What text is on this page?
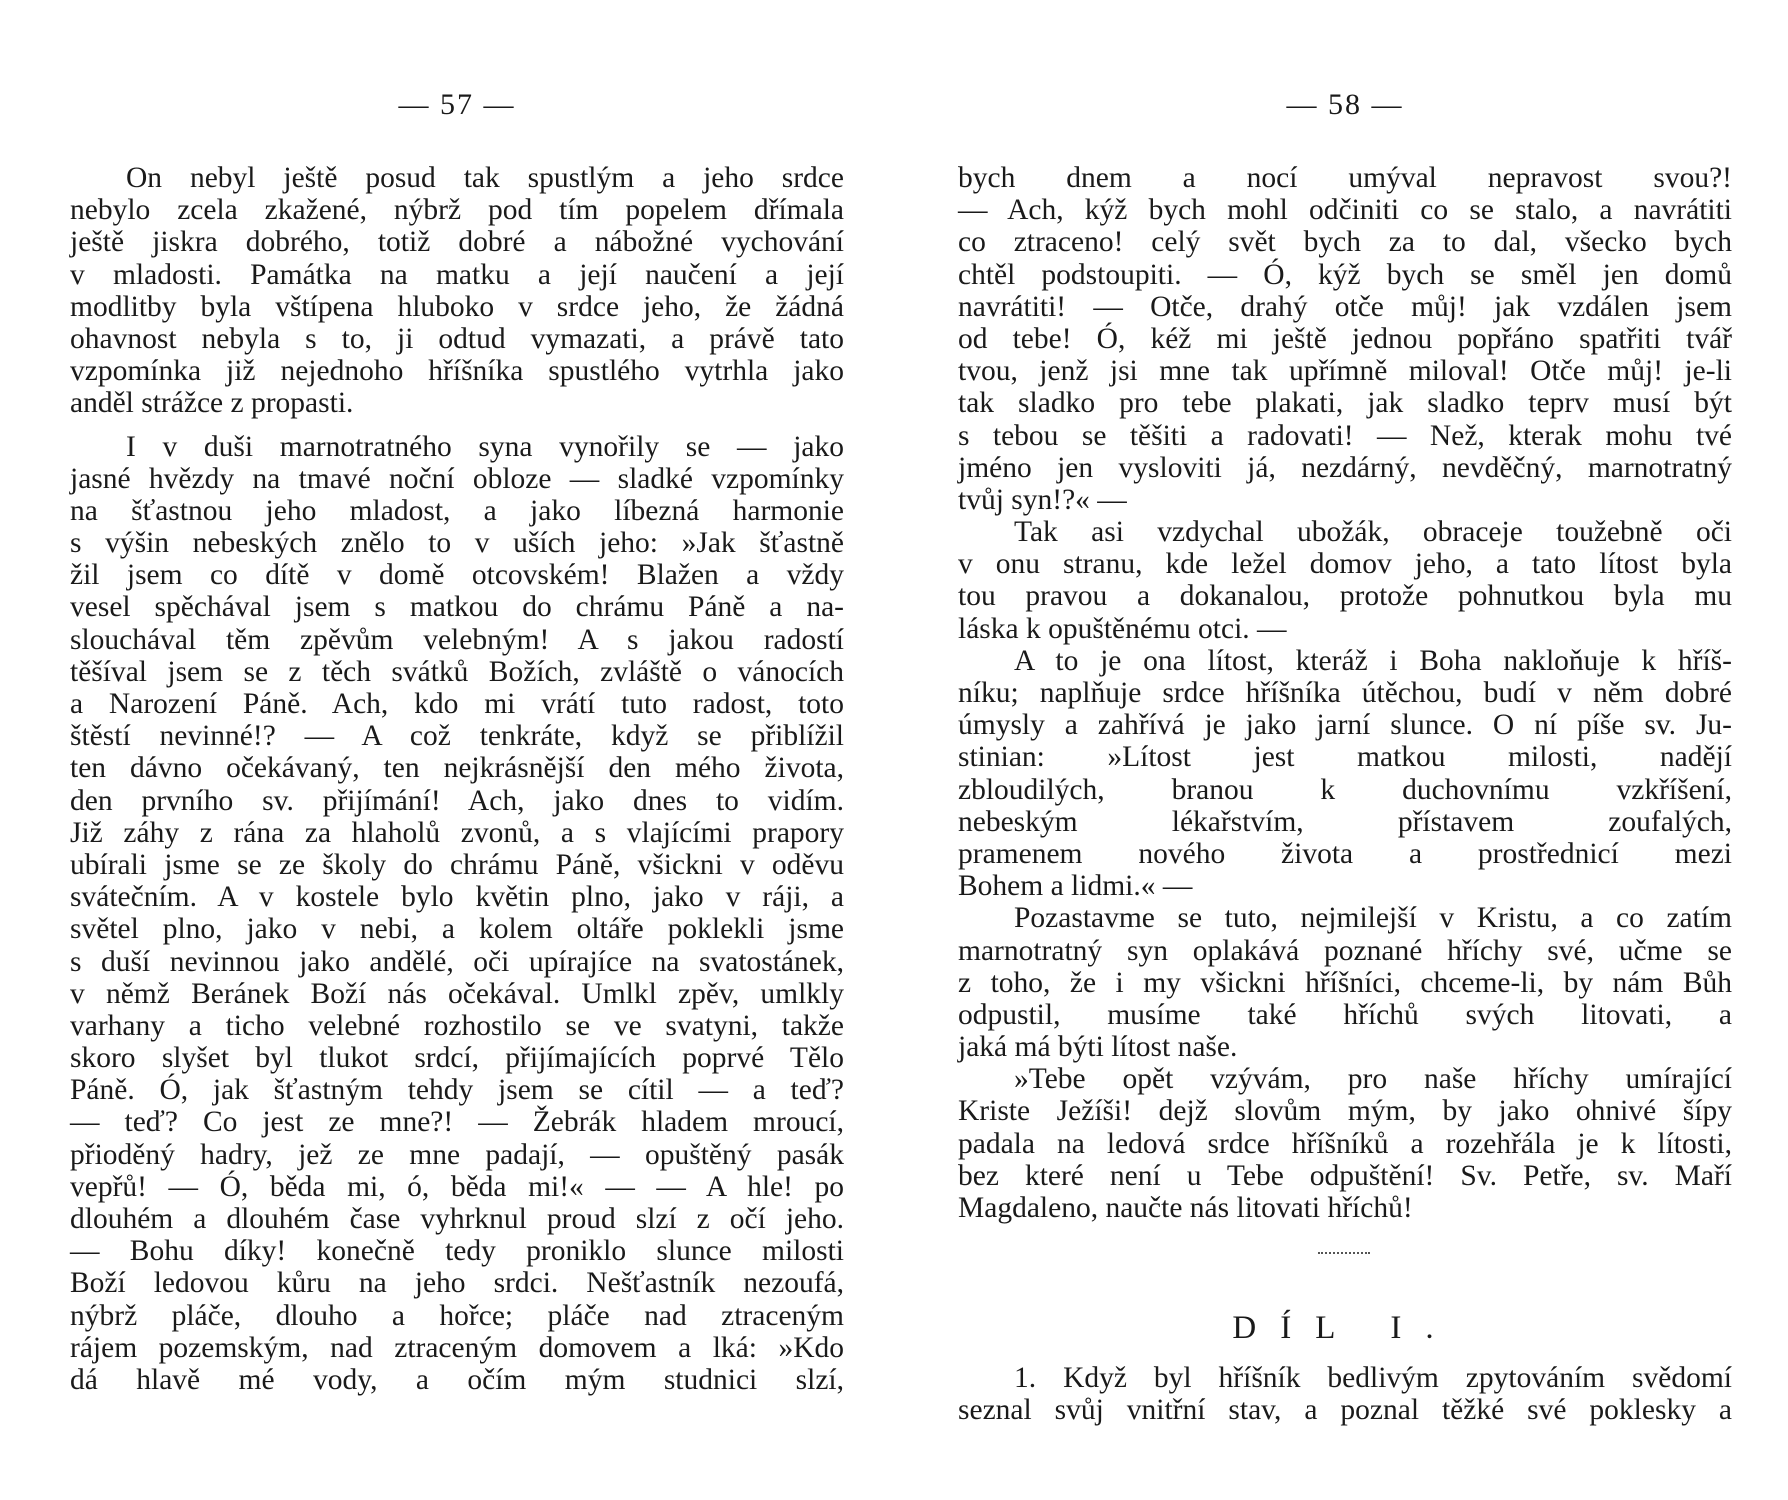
— 57 —
On nebyl ještě posud tak spustlým a jeho srdce
nebylo zcela zkažené, nýbrž pod tím popelem dřímala
ještě jiskra dobrého, totiž dobré a nábožné vychování
v mladosti. Památka na matku a její naučení a její
modlitby byla vštípena hluboko v srdce jeho, že žádná
ohavnost nebyla s to, ji odtud vymazati, a právě tato
vzpomínka již nejednoho hříšníka spustlého vytrhla jako
anděl strážce z propasti.
I v duši marnotratného syna vynořily se — jako
jasné hvězdy na tmavé noční obloze — sladké vzpomínky
na šťastnou jeho mladost, a jako líbezná harmonie
s výšin nebeských znělo to v uších jeho: »Jak šťastně
žil jsem co dítě v domě otcovském! Blažen a vždy
vesel spěchával jsem s matkou do chrámu Páně a na-
slouchával těm zpěvům velebným! A s jakou radostí
těšíval jsem se z těch svátků Božích, zvláště o vánocích
a Narození Páně. Ach, kdo mi vrátí tuto radost, toto
štěstí nevinné!? — A což tenkráte, když se přiblížil
ten dávno očekávaný, ten nejkrásnější den mého života,
den prvního sv. přijímání! Ach, jako dnes to vidím.
Již záhy z rána za hlaholů zvonů, a s vlajícími prapory
ubírali jsme se ze školy do chrámu Páně, všickni v oděvu
svátečním. A v kostele bylo květin plno, jako v ráji, a
světel plno, jako v nebi, a kolem oltáře poklekli jsme
s duší nevinnou jako andělé, oči upírajíce na svatostánek,
v němž Beránek Boží nás očekával. Umlkl zpěv, umlkly
varhany a ticho velebné rozhostilo se ve svatyni, takže
skoro slyšet byl tlukot srdcí, přijímajících poprvé Tělo
Páně. Ó, jak šťastným tehdy jsem se cítil — a teď?
— teď? Co jest ze mne?! — Žebrák hladem mroucí,
přioděný hadry, jež ze mne padají, — opuštěný pasák
vepřů! — Ó, běda mi, ó, běda mi!« — — A hle! po
dlouhém a dlouhém čase vyhrknul proud slzí z očí jeho.
— Bohu díky! konečně tedy proniklo slunce milosti
Boží ledovou kůru na jeho srdci. Nešťastník nezoufá,
nýbrž pláče, dlouho a hořce; pláče nad ztraceným
rájem pozemským, nad ztraceným domovem a lká: »Kdo
dá hlavě mé vody, a očím mým studnici slzí,
— 58 —
bych dnem a nocí umýval nepravost svou?!
— Ach, kýž bych mohl odčiniti co se stalo, a navrátiti
co ztraceno! celý svět bych za to dal, všecko bych
chtěl podstoupiti. — Ó, kýž bych se směl jen domů
navrátiti! — Otče, drahý otče můj! jak vzdálen jsem
od tebe! Ó, kéž mi ještě jednou popřáno spatřiti tvář
tvou, jenž jsi mne tak upřímně miloval! Otče můj! je-li
tak sladko pro tebe plakati, jak sladko teprv musí být
s tebou se těšiti a radovati! — Než, kterak mohu tvé
jméno jen vysloviti já, nezdárný, nevděčný, marnotratný
tvůj syn!?« —
Tak asi vzdychal ubožák, obraceje toužebně oči
v onu stranu, kde ležel domov jeho, a tato lítost byla
tou pravou a dokanalou, protože pohnutkou byla mu
láska k opuštěnému otci. —
A to je ona lítost, kteráž i Boha nakloňuje k hříš-
níku; naplňuje srdce hříšníka útěchou, budí v něm dobré
úmysly a zahřívá je jako jarní slunce. O ní píše sv. Ju-
stinian: »Lítost jest matkou milosti, nadějí
zbloudilých, branou k duchovnímu vzkříšení,
nebeským lékařstvím, přístavem zoufalých,
pramenem nového života a prostřednicí mezi
Bohem a lidmi.« —
Pozastavme se tuto, nejmilejší v Kristu, a co zatím
marnotratný syn oplakává poznané hříchy své, učme se
z toho, že i my všickni hříšníci, chceme-li, by nám Bůh
odpustil, musíme také hříchů svých litovati, a
jaká má býti lítost naše.
»Tebe opět vzývám, pro naše hříchy umírající
Kriste Ježíši! dejž slovům mým, by jako ohnivé šípy
padala na ledová srdce hříšníků a rozehřála je k lítosti,
bez které není u Tebe odpuštění! Sv. Petře, sv. Maří
Magdaleno, naučte nás litovati hříchů!
DÍL I.
1. Když byl hříšník bedlivým zpytováním svědomí
seznal svůj vnitřní stav, a poznal těžké své poklesky a
